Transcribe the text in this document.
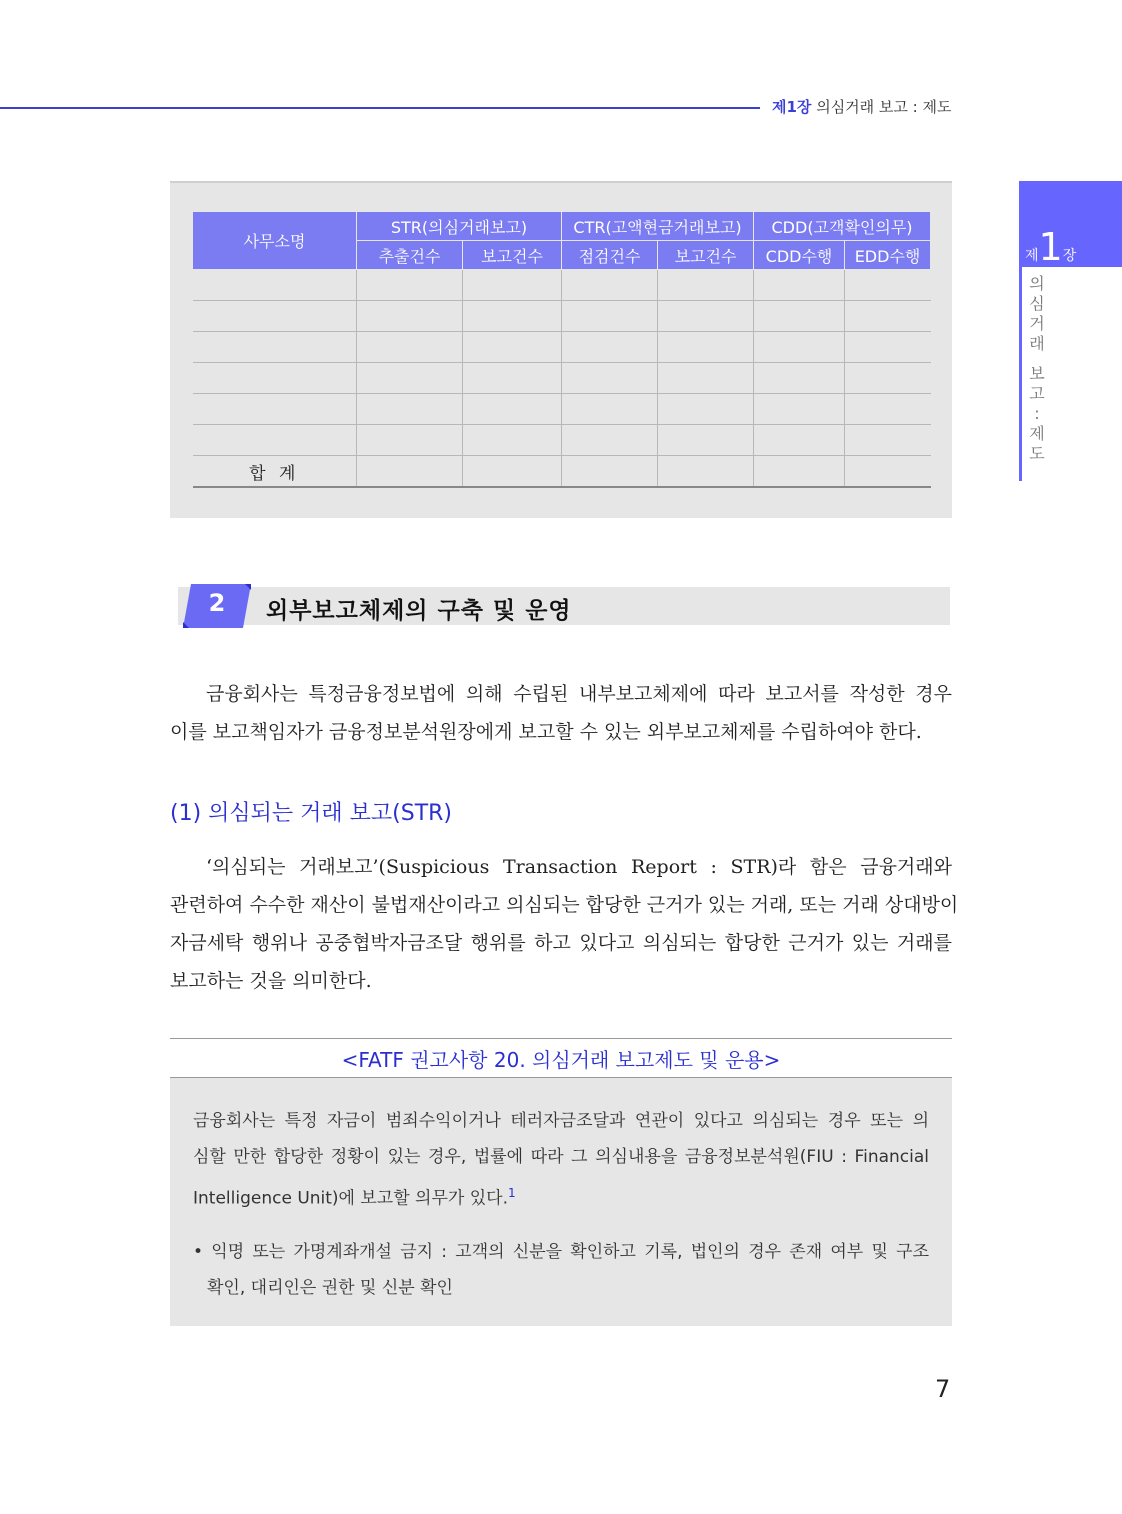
제1장 의심거래 보고 : 제도
제1장
의
심
거
래
보
고
:
제
도
사무소명	STR(의심거래보고)		CTR(고액현금거래보고)		CDD(고객확인의무)	
	추출건수	보고건수	점검건수	보고건수	CDD수행	EDD수행

합 계						
2	외부보고체제의 구축 및 운영
금융회사는 특정금융정보법에 의해 수립된 내부보고체제에 따라 보고서를 작성한 경우
이를 보고책임자가 금융정보분석원장에게 보고할 수 있는 외부보고체제를 수립하여야 한다.
(1) 의심되는 거래 보고(STR)
‘의심되는 거래보고’(Suspicious Transaction Report : STR)라 함은 금융거래와
관련하여 수수한 재산이 불법재산이라고 의심되는 합당한 근거가 있는 거래, 또는 거래 상대방이
자금세탁 행위나 공중협박자금조달 행위를 하고 있다고 의심되는 합당한 근거가 있는 거래를
보고하는 것을 의미한다.
<FATF 권고사항 20. 의심거래 보고제도 및 운용>
금융회사는 특정 자금이 범죄수익이거나 테러자금조달과 연관이 있다고 의심되는 경우 또는 의
심할 만한 합당한 정황이 있는 경우, 법률에 따라 그 의심내용을 금융정보분석원(FIU : Financial
Intelligence Unit)에 보고할 의무가 있다.$^1$
• 익명 또는 가명계좌개설 금지 : 고객의 신분을 확인하고 기록, 법인의 경우 존재 여부 및 구조
확인, 대리인은 권한 및 신분 확인
7
